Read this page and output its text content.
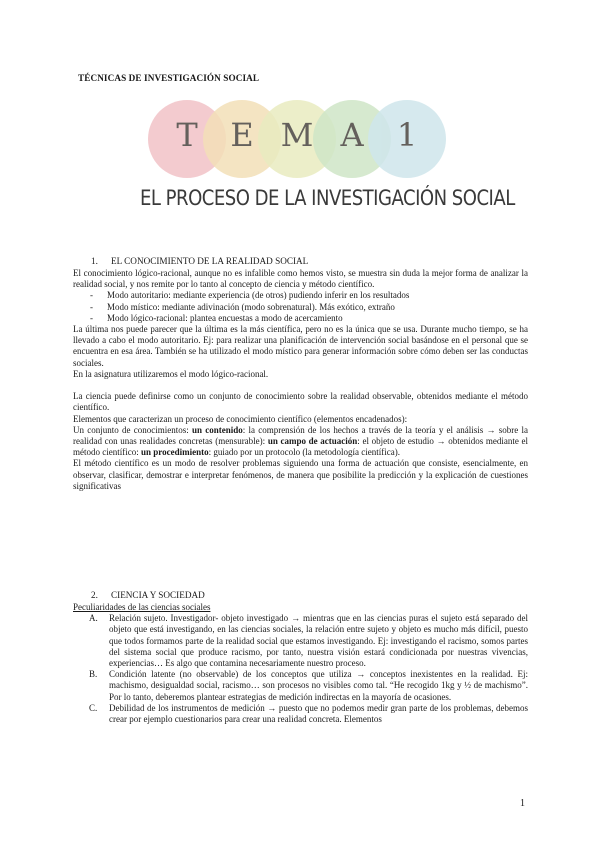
TÉCNICAS DE INVESTIGACIÓN SOCIAL
T	E M A	1
EL PROCESO DE LA INVESTIGACIÓN SOCIAL
1. EL CONOCIMIENTO DE LA REALIDAD SOCIAL

El conocimiento lógico-racional, aunque no es infalible como hemos visto, se muestra sin duda la mejor forma de analizar la realidad social, y nos remite por lo tanto al concepto de ciencia y método científico.

- Modo autoritario: mediante experiencia (de otros) pudiendo inferir en los resultados
- Modo místico: mediante adivinación (modo sobrenatural). Más exótico, extraño
- Modo lógico-racional: plantea encuestas a modo de acercamiento

La última nos puede parecer que la última es la más científica, pero no es la única que se usa. Durante mucho tiempo, se ha llevado a cabo el modo autoritario. Ej: para realizar una planificación de intervención social basándose en el personal que se encuentra en esa área. También se ha utilizado el modo místico para generar información sobre cómo deben ser las conductas sociales.

En la asignatura utilizaremos el modo lógico-racional.

La ciencia puede definirse como un conjunto de conocimiento sobre la realidad observable, obtenidos mediante el método científico.

Elementos que caracterizan un proceso de conocimiento científico (elementos encadenados):

Un conjunto de conocimientos: un contenido: la comprensión de los hechos a través de la teoría y el análisis → sobre la realidad con unas realidades concretas (mensurable): un campo de actuación: el objeto de estudio → obtenidos mediante el método científico: un procedimiento: guiado por un protocolo (la metodología científica).

El método científico es un modo de resolver problemas siguiendo una forma de actuación que consiste, esencialmente, en observar, clasificar, demostrar e interpretar fenómenos, de manera que posibilite la predicción y la explicación de cuestiones significativas

2. CIENCIA Y SOCIEDAD

Peculiaridades de las ciencias sociales

A. Relación sujeto. Investigador- objeto investigado → mientras que en las ciencias puras el sujeto está separado del objeto que está investigando, en las ciencias sociales, la relación entre sujeto y objeto es mucho más difícil, puesto que todos formamos parte de la realidad social que estamos investigando. Ej: investigando el racismo, somos partes del sistema social que produce racismo, por tanto, nuestra visión estará condicionada por nuestras vivencias, experiencias… Es algo que contamina necesariamente nuestro proceso.
B. Condición latente (no observable) de los conceptos que utiliza → conceptos inexistentes en la realidad. Ej: machismo, desigualdad social, racismo… son procesos no visibles como tal. “He recogido 1kg y ½ de machismo”. Por lo tanto, deberemos plantear estrategias de medición indirectas en la mayoría de ocasiones.
C. Debilidad de los instrumentos de medición → puesto que no podemos medir gran parte de los problemas, debemos crear por ejemplo cuestionarios para crear una realidad concreta. Elementos
1
